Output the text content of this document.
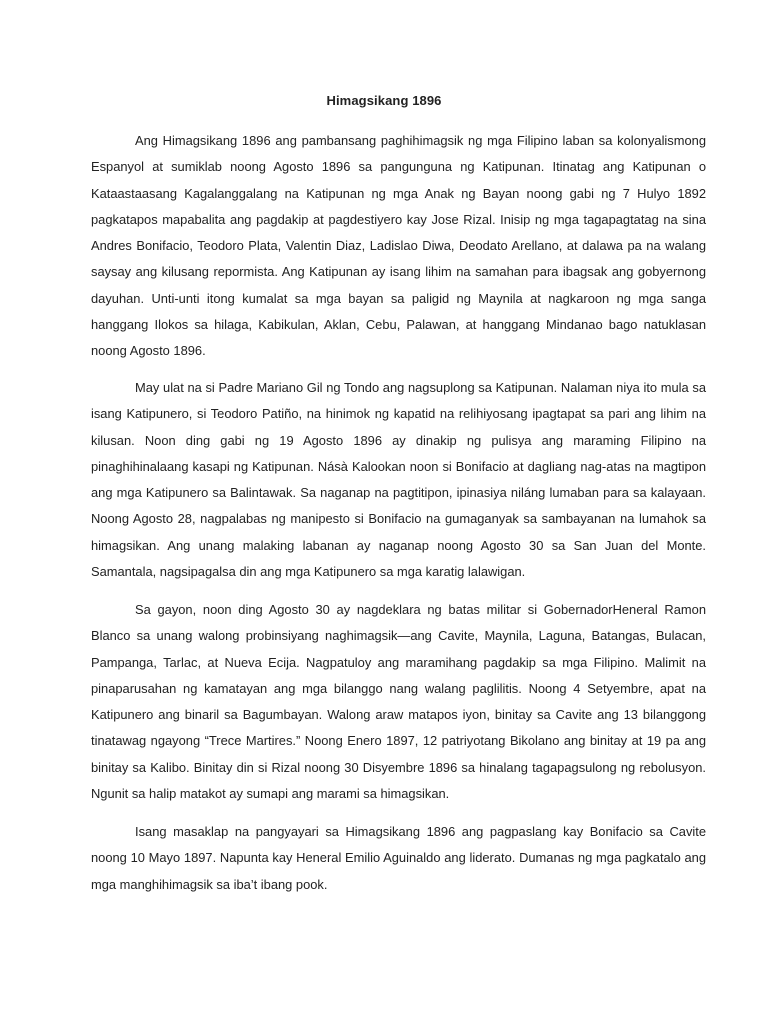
Himagsikang 1896

Ang Himagsikang 1896 ang pambansang paghihimagsik ng mga Filipino laban sa kolonyalismong Espanyol at sumiklab noong Agosto 1896 sa pangunguna ng Katipunan. Itinatag ang Katipunan o Kataastaasang Kagalanggalang na Katipunan ng mga Anak ng Bayan noong gabi ng 7 Hulyo 1892 pagkatapos mapabalita ang pagdakip at pagdestiyero kay Jose Rizal. Inisip ng mga tagapagtatag na sina Andres Bonifacio, Teodoro Plata, Valentin Diaz, Ladislao Diwa, Deodato Arellano, at dalawa pa na walang saysay ang kilusang repormista. Ang Katipunan ay isang lihim na samahan para ibagsak ang gobyernong dayuhan. Unti-unti itong kumalat sa mga bayan sa paligid ng Maynila at nagkaroon ng mga sanga hanggang Ilokos sa hilaga, Kabikulan, Aklan, Cebu, Palawan, at hanggang Mindanao bago natuklasan noong Agosto 1896.

May ulat na si Padre Mariano Gil ng Tondo ang nagsuplong sa Katipunan. Nalaman niya ito mula sa isang Katipunero, si Teodoro Patiño, na hinimok ng kapatid na relihiyosang ipagtapat sa pari ang lihim na kilusan. Noon ding gabi ng 19 Agosto 1896 ay dinakip ng pulisya ang maraming Filipino na pinaghihinalaang kasapi ng Katipunan. Násà Kalookan noon si Bonifacio at dagliang nag-atas na magtipon ang mga Katipunero sa Balintawak. Sa naganap na pagtitipon, ipinasiya niláng lumaban para sa kalayaan. Noong Agosto 28, nagpalabas ng manipesto si Bonifacio na gumaganyak sa sambayanan na lumahok sa himagsikan. Ang unang malaking labanan ay naganap noong Agosto 30 sa San Juan del Monte. Samantala, nagsipagalsa din ang mga Katipunero sa mga karatig lalawigan.

Sa gayon, noon ding Agosto 30 ay nagdeklara ng batas militar si GobernadorHeneral Ramon Blanco sa unang walong probinsiyang naghimagsik—ang Cavite, Maynila, Laguna, Batangas, Bulacan, Pampanga, Tarlac, at Nueva Ecija. Nagpatuloy ang maramihang pagdakip sa mga Filipino. Malimit na pinaparusahan ng kamatayan ang mga bilanggo nang walang paglilitis. Noong 4 Setyembre, apat na Katipunero ang binaril sa Bagumbayan. Walong araw matapos iyon, binitay sa Cavite ang 13 bilanggong tinatawag ngayong “Trece Martires.” Noong Enero 1897, 12 patriyotang Bikolano ang binitay at 19 pa ang binitay sa Kalibo. Binitay din si Rizal noong 30 Disyembre 1896 sa hinalang tagapagsulong ng rebolusyon. Ngunit sa halip matakot ay sumapi ang marami sa himagsikan.

Isang masaklap na pangyayari sa Himagsikang 1896 ang pagpaslang kay Bonifacio sa Cavite noong 10 Mayo 1897. Napunta kay Heneral Emilio Aguinaldo ang liderato. Dumanas ng mga pagkatalo ang mga manghihimagsik sa iba’t ibang pook.
